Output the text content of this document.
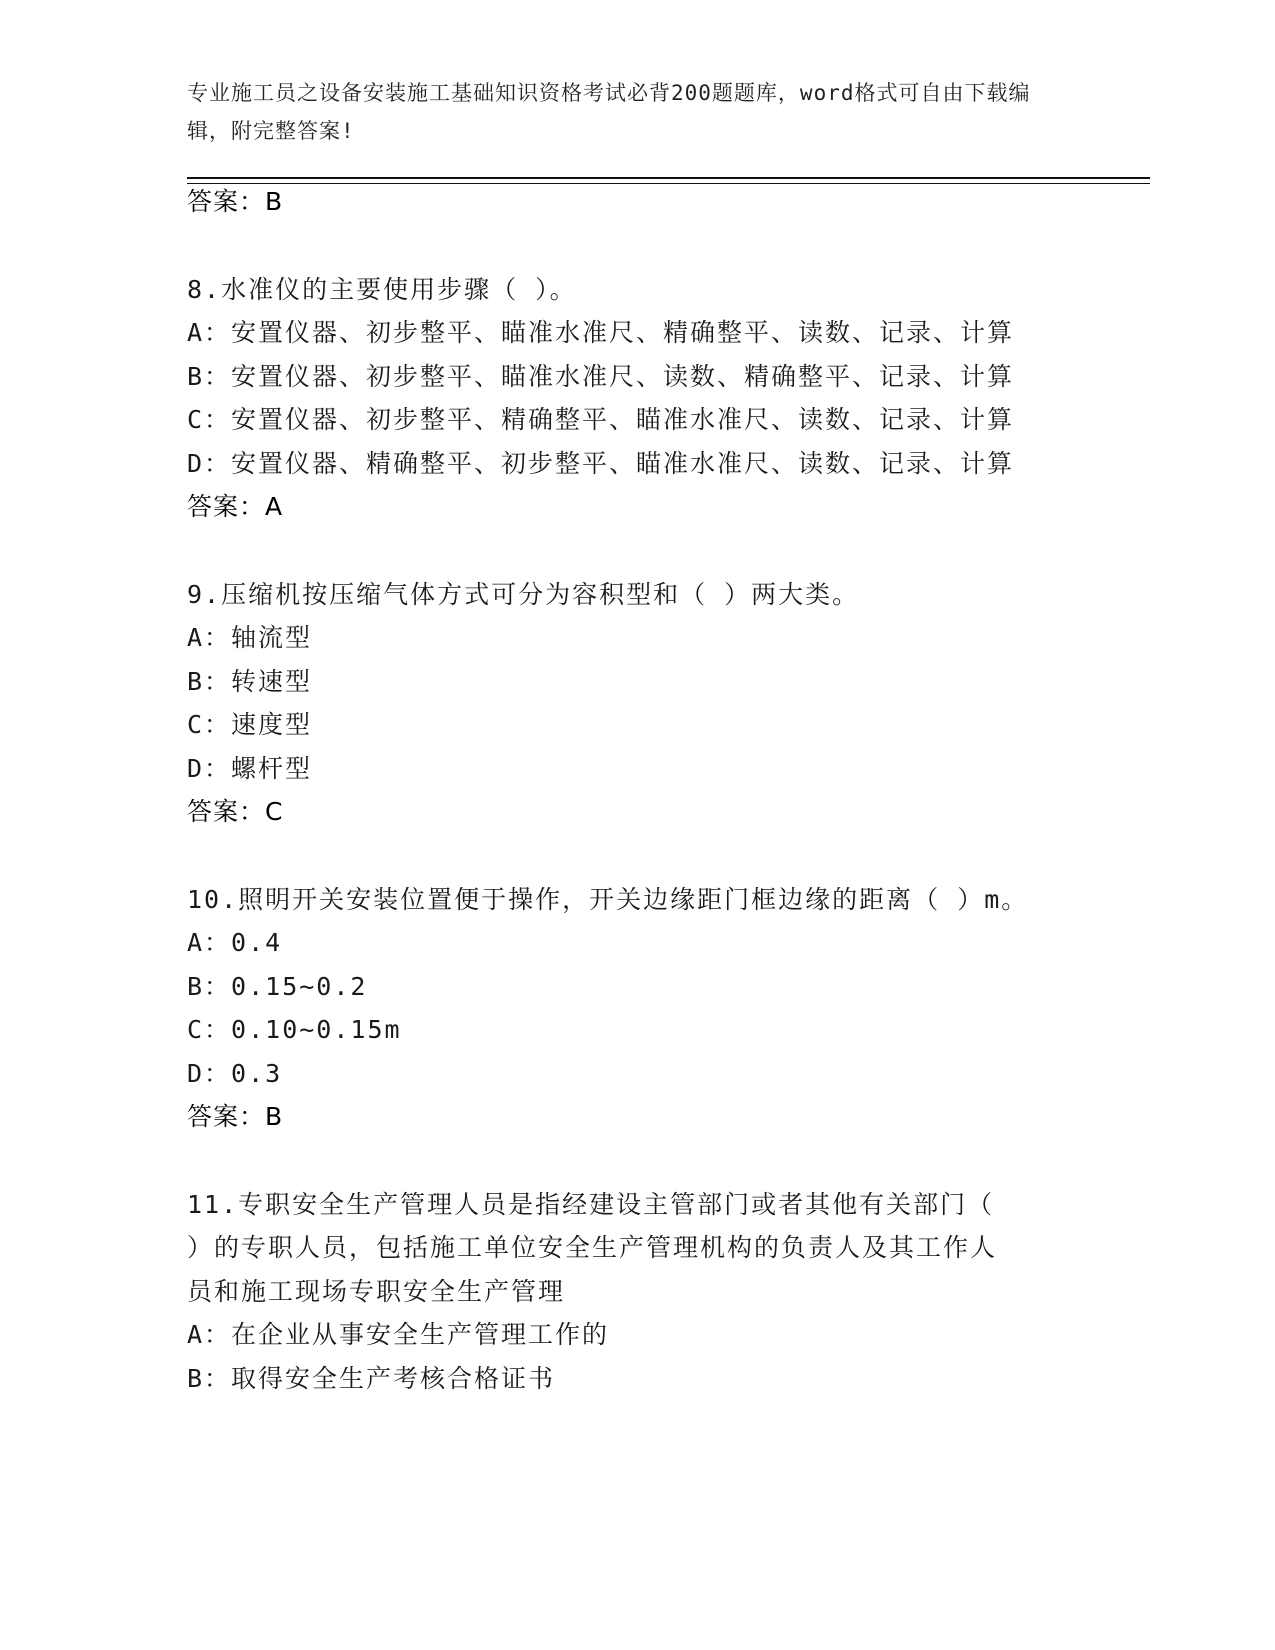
专业施工员之设备安装施工基础知识资格考试必背200题题库，word格式可自由下载编辑，附完整答案!
答案：B
8.水准仪的主要使用步骤（ ）。
A：安置仪器、初步整平、瞄准水准尺、精确整平、读数、记录、计算
B：安置仪器、初步整平、瞄准水准尺、读数、精确整平、记录、计算
C：安置仪器、初步整平、精确整平、瞄准水准尺、读数、记录、计算
D：安置仪器、精确整平、初步整平、瞄准水准尺、读数、记录、计算
答案：A
9.压缩机按压缩气体方式可分为容积型和（ ）两大类。
A：轴流型
B：转速型
C：速度型
D：螺杆型
答案：C
10.照明开关安装位置便于操作，开关边缘距门框边缘的距离（ ）m。
A：0.4
B：0.15~0.2
C：0.10~0.15m
D：0.3
答案：B
11.专职安全生产管理人员是指经建设主管部门或者其他有关部门（
）的专职人员，包括施工单位安全生产管理机构的负责人及其工作人
员和施工现场专职安全生产管理
A：在企业从事安全生产管理工作的
B：取得安全生产考核合格证书
